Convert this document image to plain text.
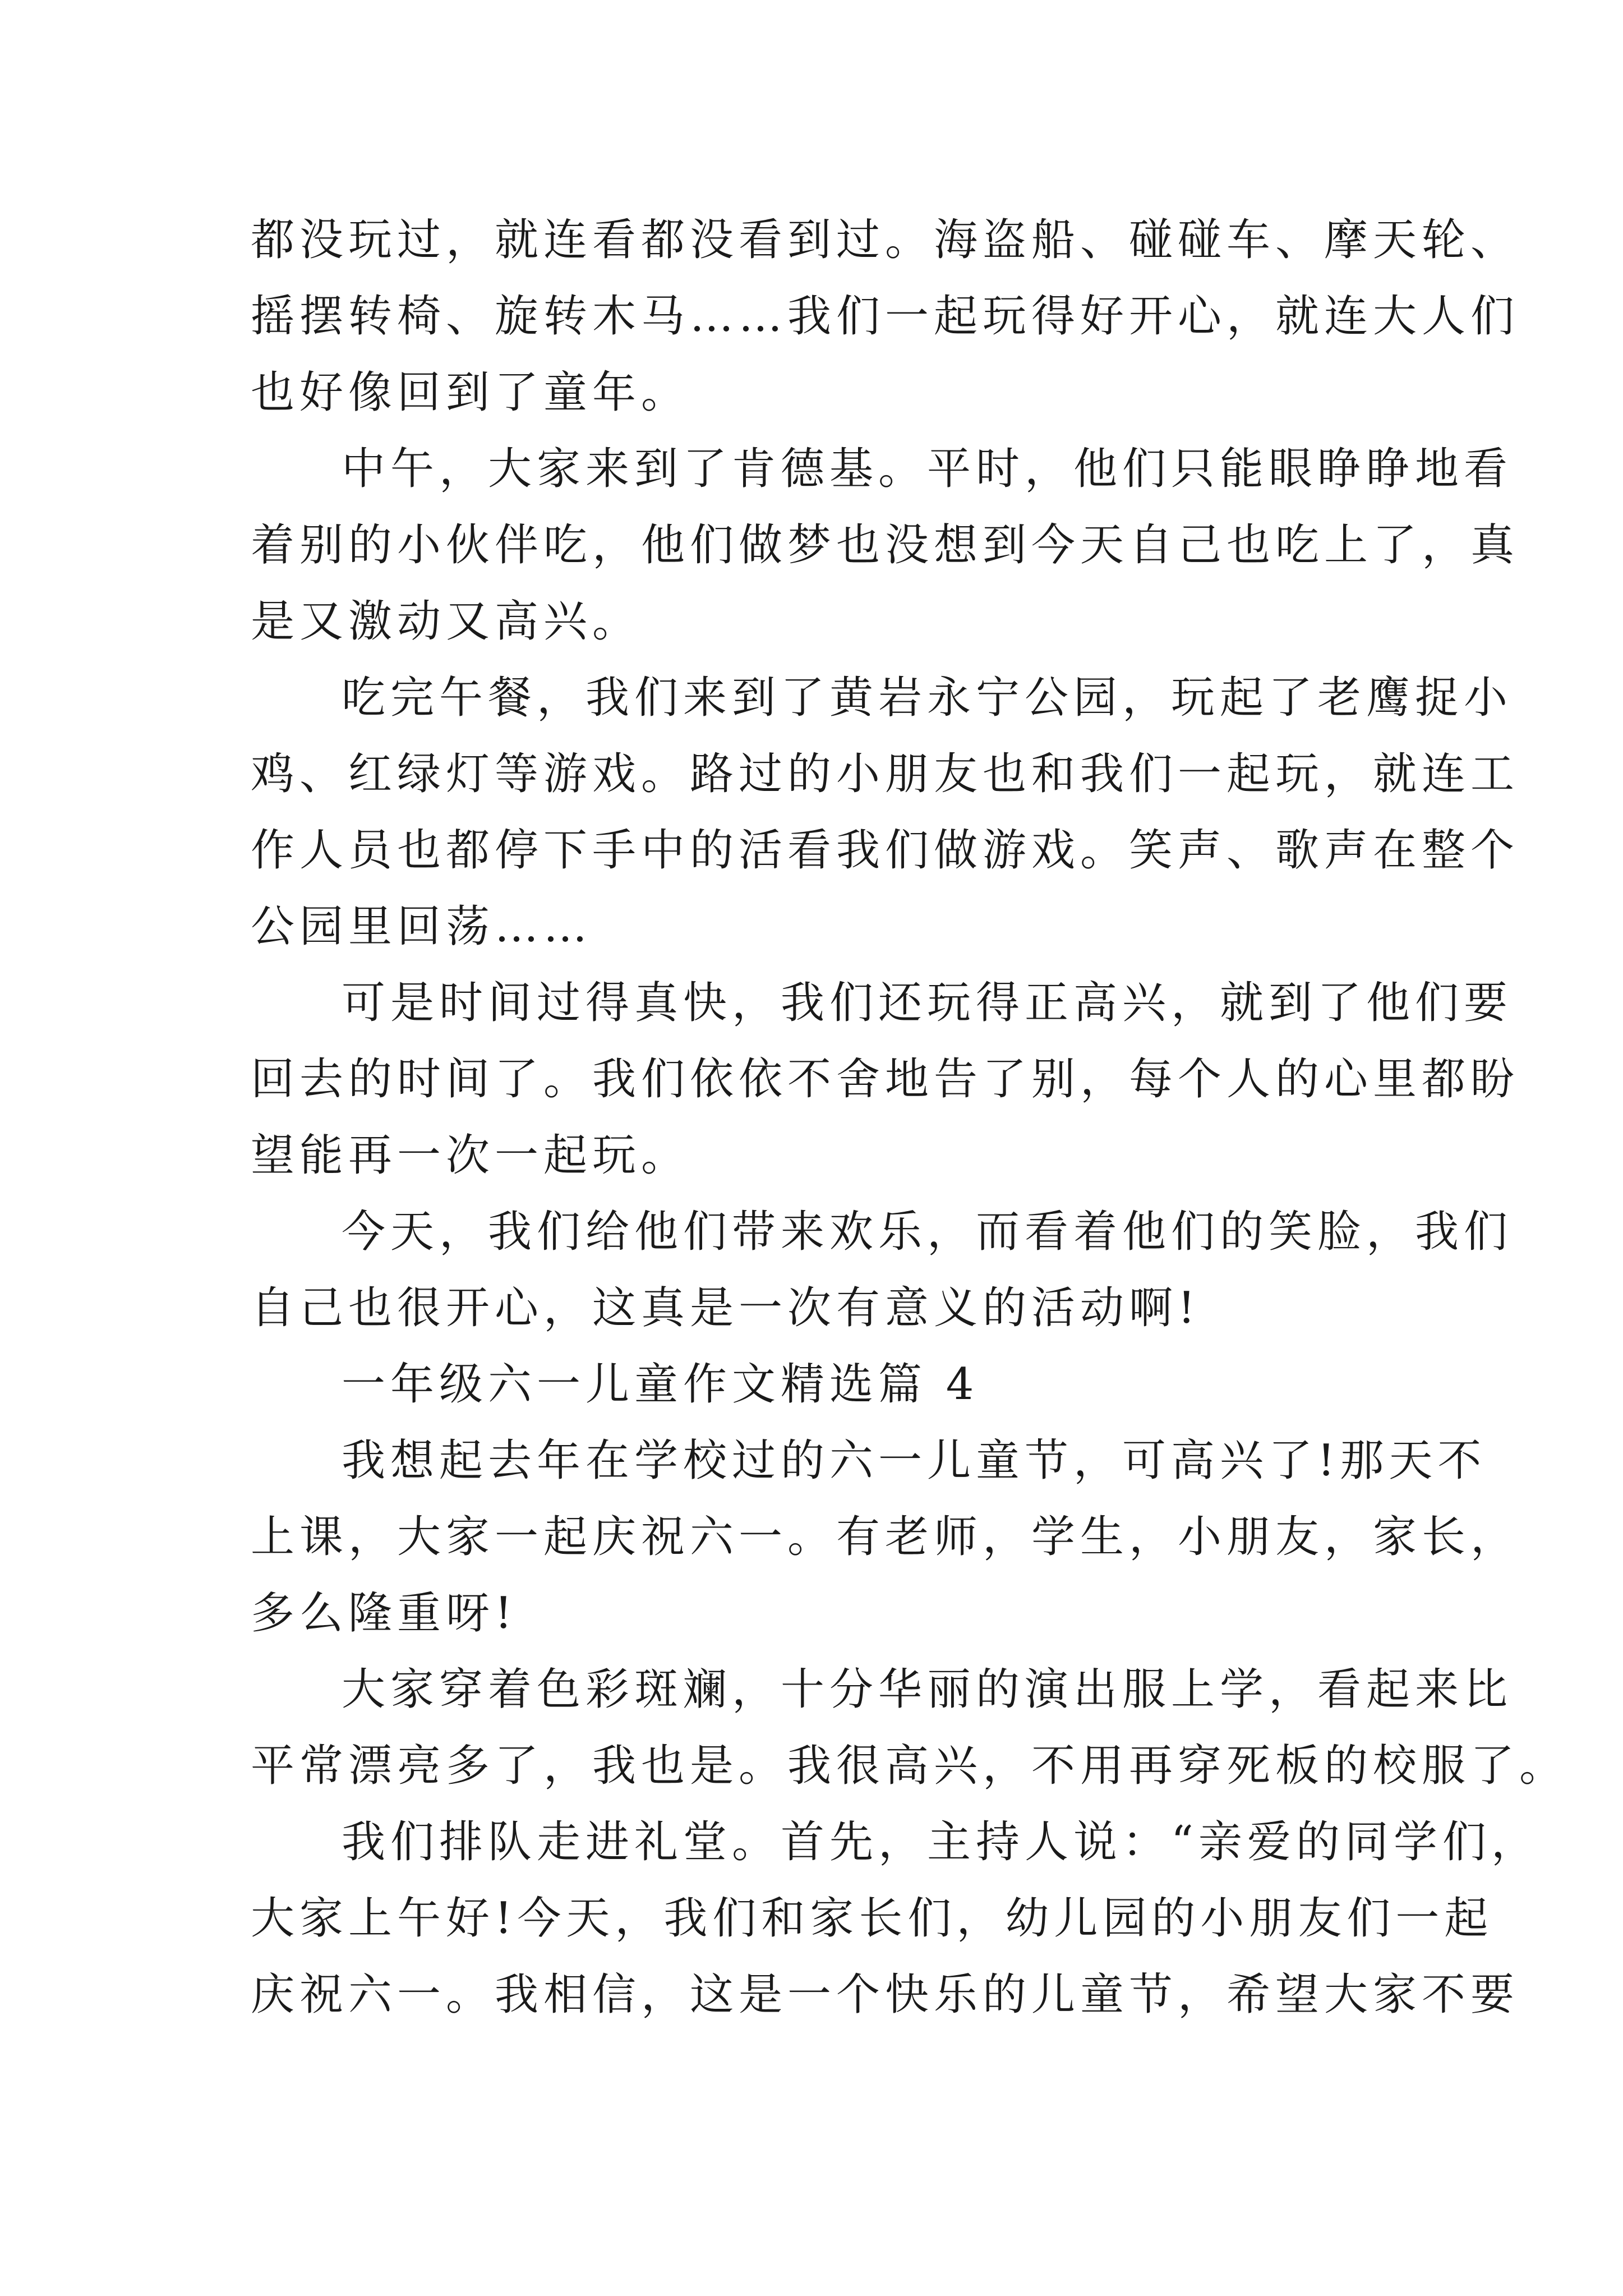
都没玩过，就连看都没看到过。海盗船、碰碰车、摩天轮、
摇摆转椅、旋转木马……我们一起玩得好开心，就连大人们
也好像回到了童年。
中午，大家来到了肯德基。平时，他们只能眼睁睁地看
着别的小伙伴吃，他们做梦也没想到今天自己也吃上了，真
是又激动又高兴。
吃完午餐，我们来到了黄岩永宁公园，玩起了老鹰捉小
鸡、红绿灯等游戏。路过的小朋友也和我们一起玩，就连工
作人员也都停下手中的活看我们做游戏。笑声、歌声在整个
公园里回荡……
可是时间过得真快，我们还玩得正高兴，就到了他们要
回去的时间了。我们依依不舍地告了别，每个人的心里都盼
望能再一次一起玩。
今天，我们给他们带来欢乐，而看着他们的笑脸，我们
自己也很开心，这真是一次有意义的活动啊!
一年级六一儿童作文精选篇 4
我想起去年在学校过的六一儿童节，可高兴了!那天不
上课，大家一起庆祝六一。有老师，学生，小朋友，家长，
多么隆重呀!
大家穿着色彩斑斓，十分华丽的演出服上学，看起来比
平常漂亮多了，我也是。我很高兴，不用再穿死板的校服了。
我们排队走进礼堂。首先，主持人说：“亲爱的同学们，
大家上午好!今天，我们和家长们，幼儿园的小朋友们一起
庆祝六一。我相信，这是一个快乐的儿童节，希望大家不要
